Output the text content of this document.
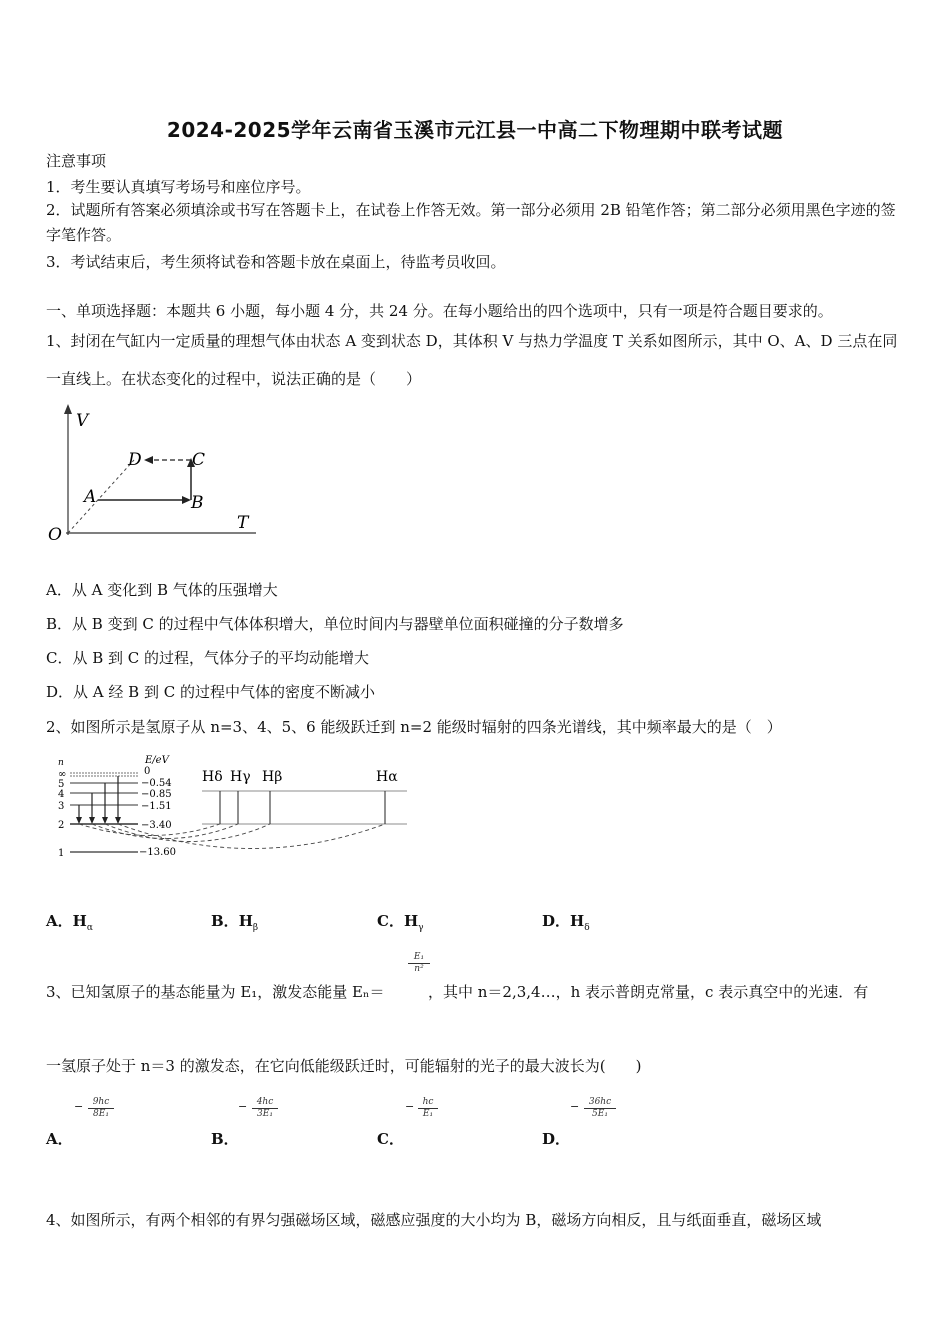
2024-2025学年云南省玉溪市元江县一中高二下物理期中联考试题
注意事项
1．考生要认真填写考场号和座位序号。
2．试题所有答案必须填涂或书写在答题卡上，在试卷上作答无效。第一部分必须用 2B 铅笔作答；第二部分必须用黑色字迹的签字笔作答。
3．考试结束后，考生须将试卷和答题卡放在桌面上，待监考员收回。
一、单项选择题：本题共 6 小题，每小题 4 分，共 24 分。在每小题给出的四个选项中，只有一项是符合题目要求的。
1、封闭在气缸内一定质量的理想气体由状态 A 变到状态 D，其体积 V 与热力学温度 T 关系如图所示，其中 O、A、D 三点在同一直线上。在状态变化的过程中，说法正确的是（　　）
V
T
O
A	B
C
D
A．从 A 变化到 B 气体的压强增大
B．从 B 变到 C 的过程中气体体积增大，单位时间内与器壁单位面积碰撞的分子数增多
C．从 B 到 C 的过程，气体分子的平均动能增大
D．从 A 经 B 到 C 的过程中气体的密度不断减小
2、如图所示是氢原子从 n=3、4、5、6 能级跃迁到 n=2 能级时辐射的四条光谱线，其中频率最大的是（　）
n	E/eV
∞
5
4
3
2
1
0
−0.54
−0.85
−1.51
−3.40
−13.60
Hδ Hγ Hβ	Hα
A．$H_\alpha$	B．$H_\beta$	C．$H_\gamma$	D．$H_\delta$
3、已知氢原子的基态能量为 E₁，激发态能量 Eₙ＝
$\frac{\text{E₁}}{\text{n²}}$
，其中 n＝2,3,4…，h 表示普朗克常量，c 表示真空中的光速．有
一氢原子处于 n＝3 的激发态，在它向低能级跃迁时，可能辐射的光子的最大波长为(　　)
− $\frac{9hc}{\text{8E₁}}$
A．
− $\frac{4hc}{\text{3E₁}}$
B．
− $\frac{hc}{\text{E₁}}$
C．
− $\frac{36hc}{\text{5E₁}}$
D．
4、如图所示，有两个相邻的有界匀强磁场区域，磁感应强度的大小均为 B，磁场方向相反，且与纸面垂直，磁场区域
